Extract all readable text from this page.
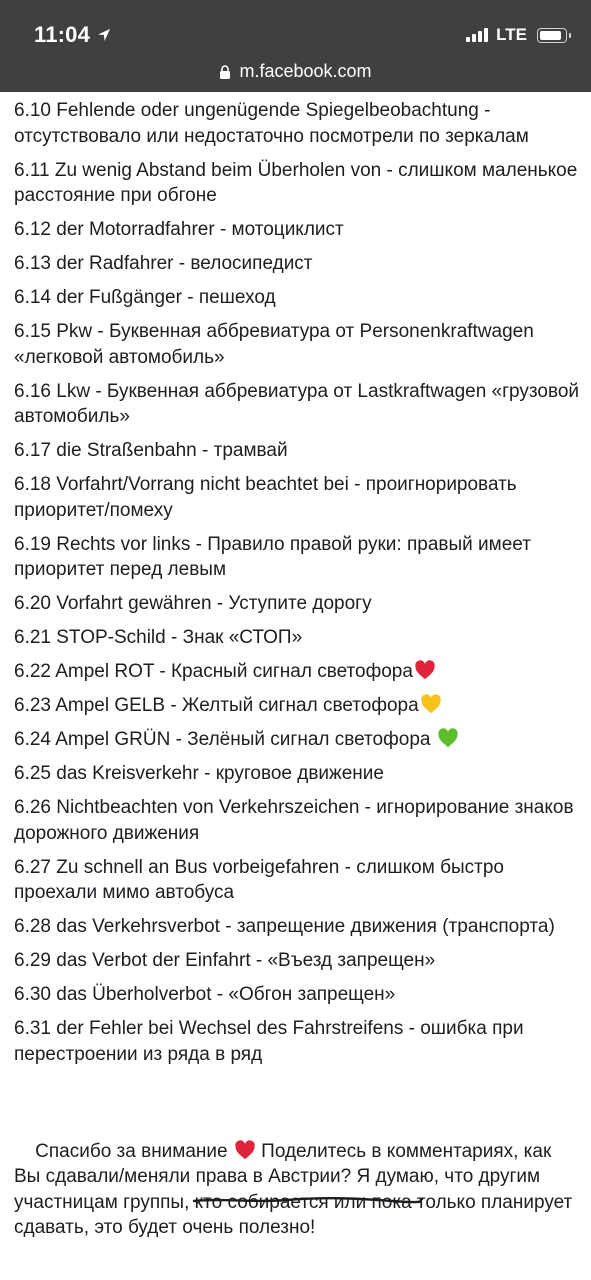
11:04	LTE
m.facebook.com
6.10 Fehlende oder ungenügende Spiegelbeobachtung - отсутствовало или недостаточно посмотрели по зеркалам
6.11 Zu wenig Abstand beim Überholen von - слишком маленькое расстояние при обгоне
6.12 der Motorradfahrer - мотоциклист
6.13 der Radfahrer - велосипедист
6.14 der Fußgänger - пешеход
6.15 Pkw - Буквенная аббревиатура от Personenkraftwagen «легковой автомобиль»
6.16 Lkw - Буквенная аббревиатура от Lastkraftwagen «грузовой автомобиль»
6.17 die Straßenbahn - трамвай
6.18 Vorfahrt/Vorrang nicht beachtet bei - проигнорировать приоритет/помеху
6.19 Rechts vor links - Правило правой руки: правый имеет приоритет перед левым
6.20 Vorfahrt gewähren - Уступите дорогу
6.21 STOP-Schild - Знак «СТОП»
6.22 Ampel ROT - Красный сигнал светофора
6.23 Ampel GELB - Желтый сигнал светофора
6.24 Ampel GRÜN - Зелёный сигнал светофора
6.25 das Kreisverkehr - круговое движение
6.26 Nichtbeachten von Verkehrszeichen - игнорирование знаков дорожного движения
6.27 Zu schnell an Bus vorbeigefahren - слишком быстро проехали мимо автобуса
6.28 das Verkehrsverbot - запрещение движения (транспорта)
6.29 das Verbot der Einfahrt - «Въезд запрещен»
6.30 das Überholverbot - «Обгон запрещен»
6.31 der Fehler bei Wechsel des Fahrstreifens - ошибка при перестроении из ряда в ряд

Спасибо за внимание  Поделитесь в комментариях, как Вы сдавали/меняли права в Австрии? Я думаю, что другим участницам группы, кто собирается или пока только планирует сдавать, это будет очень полезно!
